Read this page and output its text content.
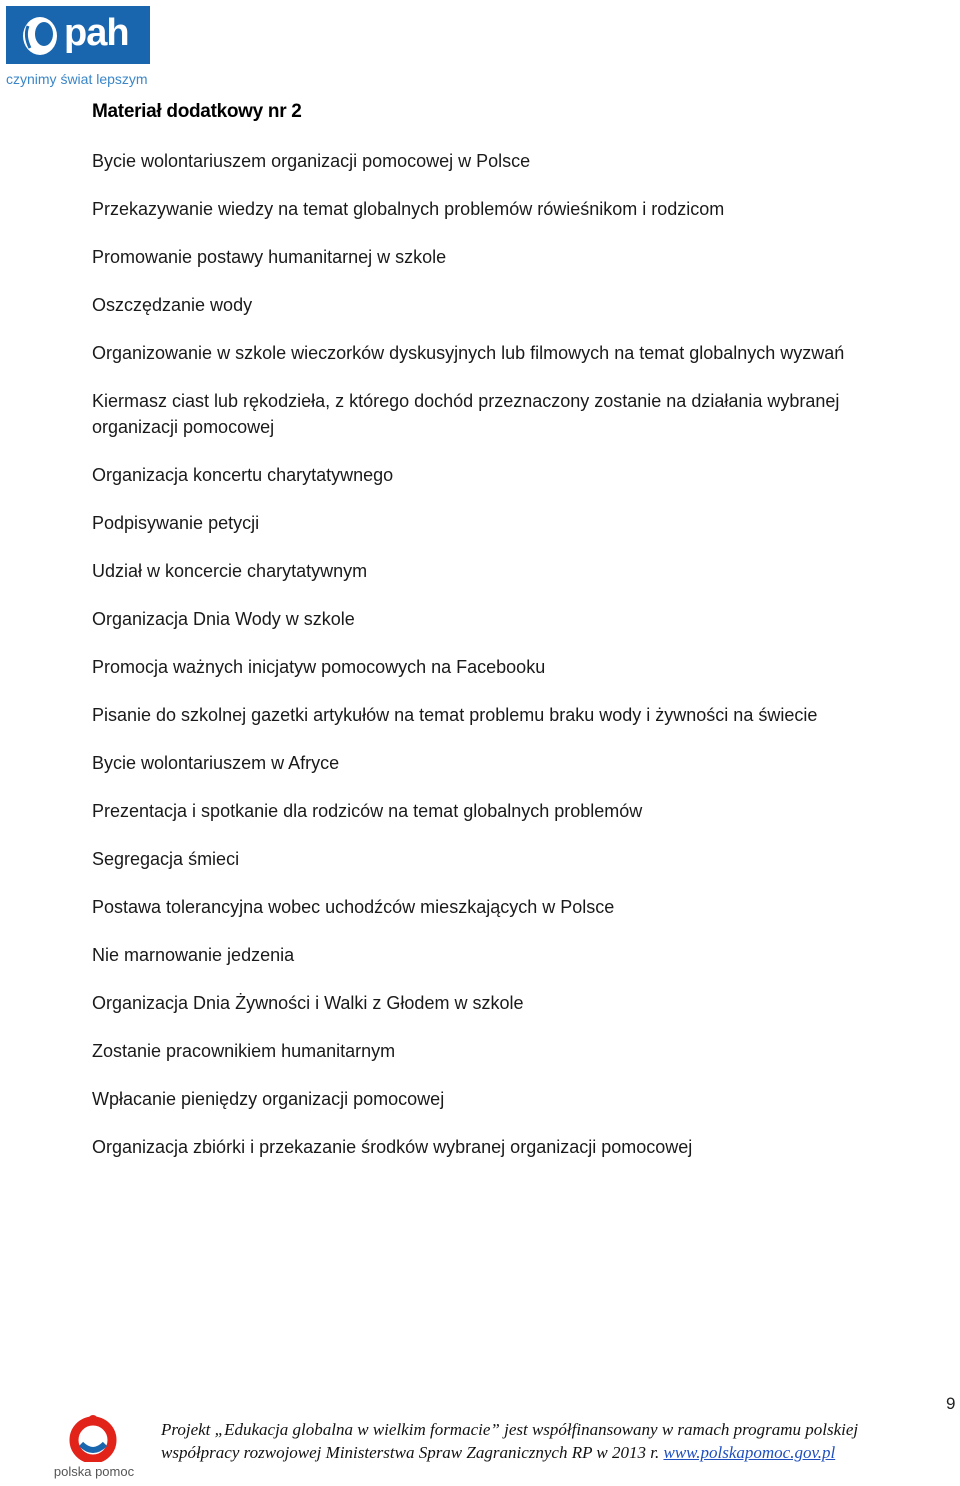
pah
czynimy świat lepszym
Materiał dodatkowy nr 2
Bycie wolontariuszem organizacji pomocowej w Polsce
Przekazywanie wiedzy na temat globalnych problemów rówieśnikom i rodzicom
Promowanie postawy humanitarnej w szkole
Oszczędzanie wody
Organizowanie w szkole wieczorków dyskusyjnych lub filmowych na temat globalnych wyzwań
Kiermasz ciast lub rękodzieła, z którego dochód przeznaczony zostanie na działania wybranej organizacji pomocowej
Organizacja koncertu charytatywnego
Podpisywanie petycji
Udział w koncercie charytatywnym
Organizacja Dnia Wody w szkole
Promocja ważnych inicjatyw pomocowych na Facebooku
Pisanie do szkolnej gazetki artykułów na temat problemu braku wody i żywności na świecie
Bycie wolontariuszem w Afryce
Prezentacja i spotkanie dla rodziców na temat globalnych problemów
Segregacja śmieci
Postawa tolerancyjna wobec uchodźców mieszkających w Polsce
Nie marnowanie jedzenia
Organizacja Dnia Żywności i Walki z Głodem w szkole
Zostanie pracownikiem humanitarnym
Wpłacanie pieniędzy organizacji pomocowej
Organizacja zbiórki i przekazanie środków wybranej organizacji pomocowej
9
polska pomoc
Projekt „Edukacja globalna w wielkim formacie” jest współfinansowany w ramach programu polskiej współpracy rozwojowej Ministerstwa Spraw Zagranicznych RP w 2013 r. www.polskapomoc.gov.pl
